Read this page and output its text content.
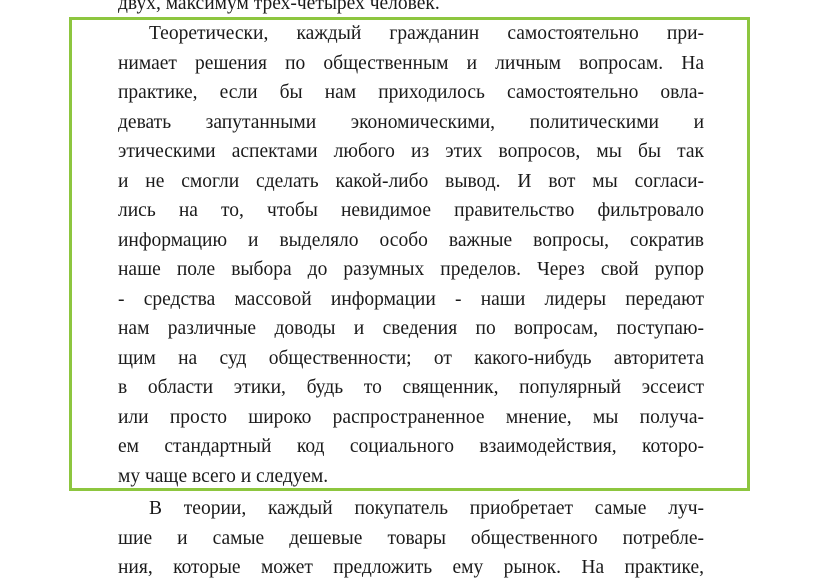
двух, максимум трех-четырех человек.
Теоретически, каждый гражданин самостоятельно при-
нимает решения по общественным и личным вопросам. На
практике, если бы нам приходилось самостоятельно овла-
девать запутанными экономическими, политическими и
этическими аспектами любого из этих вопросов, мы бы так
и не смогли сделать какой-либо вывод. И вот мы согласи-
лись на то, чтобы невидимое правительство фильтровало
информацию и выделяло особо важные вопросы, сократив
наше поле выбора до разумных пределов. Через свой рупор
- средства массовой информации - наши лидеры передают
нам различные доводы и сведения по вопросам, поступаю-
щим на суд общественности; от какого-нибудь авторитета
в области этики, будь то священник, популярный эссеист
или просто широко распространенное мнение, мы получа-
ем стандартный код социального взаимодействия, которо-
му чаще всего и следуем.
В теории, каждый покупатель приобретает самые луч-
шие и самые дешевые товары общественного потребле-
ния, которые может предложить ему рынок. На практике,
